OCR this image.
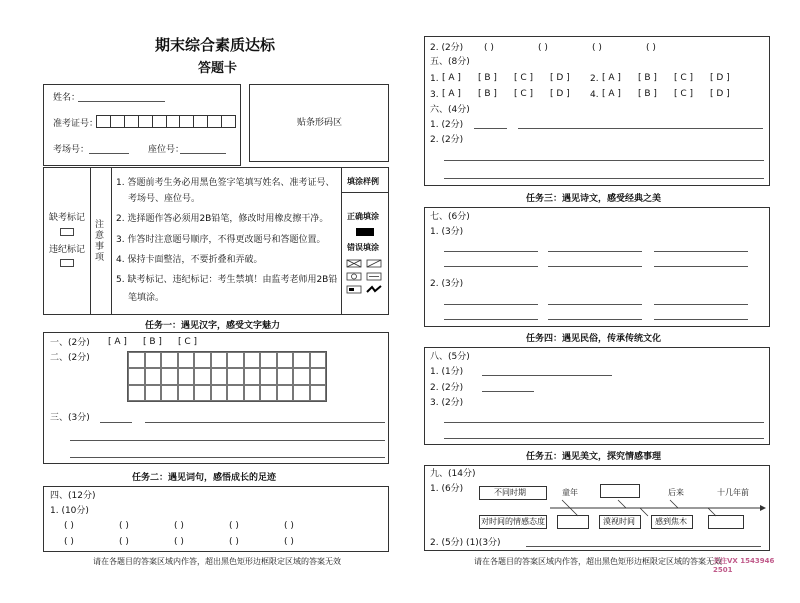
期末综合素质达标
答题卡
姓名：
准考证号：
考场号：	座位号：
贴条形码区
缺考标记
违纪标记
注意事项
1. 答题前考生务必用黑色签字笔填写姓名、准考证号、
考场号、座位号。
2. 选择题作答必须用2B铅笔，修改时用橡皮擦干净。
3. 作答时注意题号顺序，不得更改题号和答题位置。
4. 保持卡面整洁，不要折叠和弄破。
5. 缺考标记、违纪标记：考生禁填！由监考老师用2B铅
笔填涂。
填涂样例
正确填涂
错误填涂
任务一：遇见汉字，感受文字魅力
一、(2分) [ A ] [ B ] [ C ]
二、(2分)
三、(3分)
任务二：遇见词句，感悟成长的足迹
四、(12分)
1. (10分)
( )	( )	( )	( )	( )
( )	( )	( )	( )	( )
请在各题目的答案区域内作答，超出黑色矩形边框限定区域的答案无效
2. (2分) ( )	( )	( )	( )
五、(8分)
1. [ A ] [ B ] [ C ] [ D ] 2. [ A ] [ B ] [ C ] [ D ]
3. [ A ] [ B ] [ C ] [ D ] 4. [ A ] [ B ] [ C ] [ D ]
六、(4分)
1. (2分)
2. (2分)
任务三：遇见诗文，感受经典之美
七、(6分)
1. (3分)
2. (3分)
任务四：遇见民俗，传承传统文化
八、(5分)
1. (1分)
2. (2分)
3. (2分)
任务五：遇见美文，探究情感事理
九、(14分)
1. (6分)	不同时期
对时间的情感态度
童年	后来	十几年前
漠视时间	感到焦木
2. (5分) (1)(3分)
请在各题目的答案区域内作答，超出黑色矩形边框限定区域的答案无效
关注VX 15439462501
